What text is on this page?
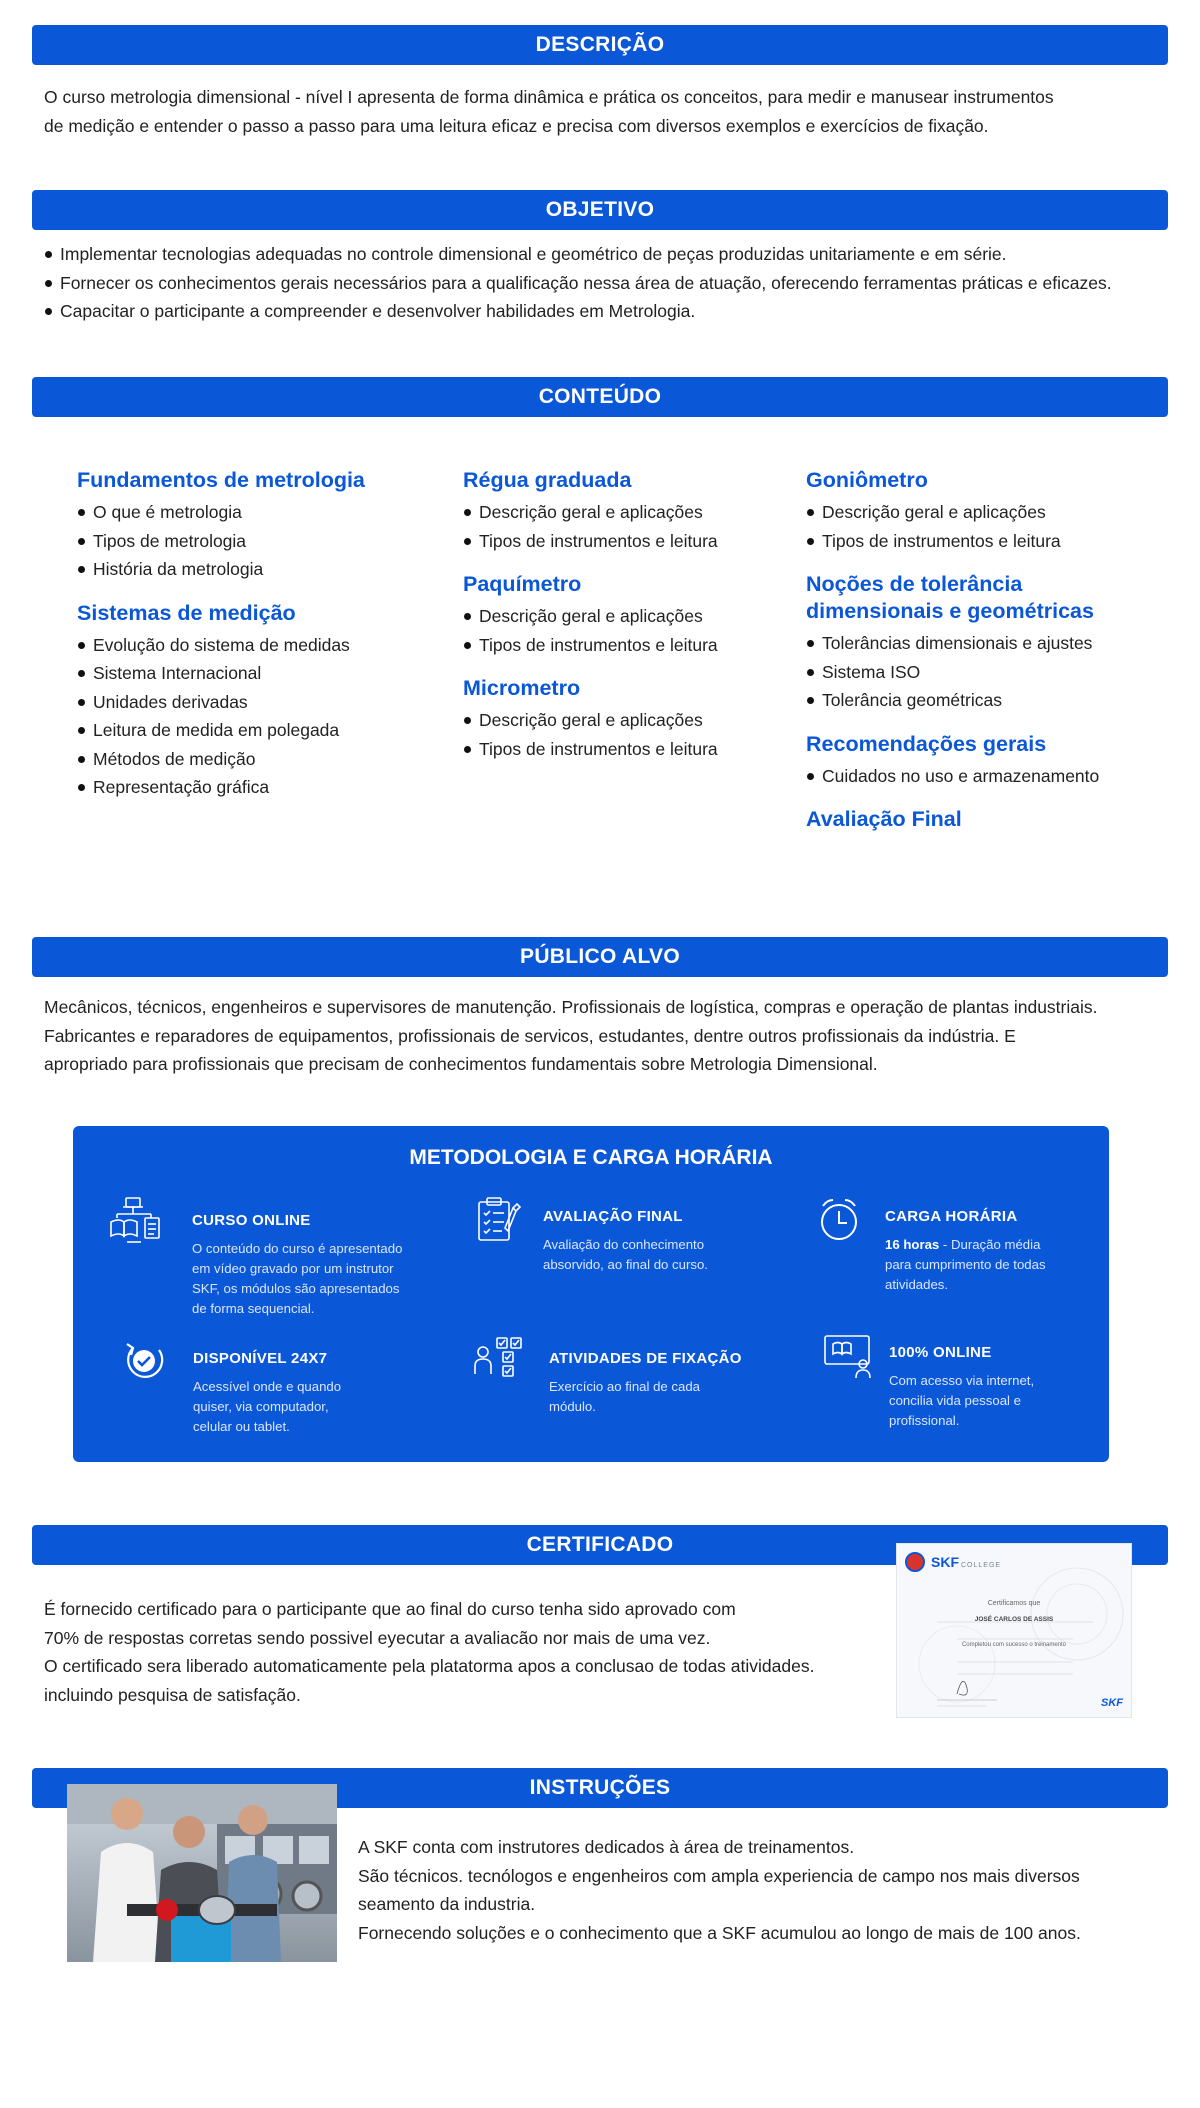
DESCRIÇÃO

O curso metrologia dimensional - nível I apresenta de forma dinâmica e prática os conceitos, para medir e manusear instrumentos

de medição e entender o passo a passo para uma leitura eficaz e precisa com diversos exemplos e exercícios de fixação.

OBJETIVO
Implementar tecnologias adequadas no controle dimensional e geométrico de peças produzidas unitariamente e em série.
Fornecer os conhecimentos gerais necessários para a qualificação nessa área de atuação, oferecendo ferramentas práticas e eficazes.
Capacitar o participante a compreender e desenvolver habilidades em Metrologia.
CONTEÚDO
Fundamentos de metrologia
O que é metrologia
Tipos de metrologia
História da metrologia
Sistemas de medição
Evolução do sistema de medidas
Sistema Internacional
Unidades derivadas
Leitura de medida em polegada
Métodos de medição
Representação gráfica
Régua graduada
Descrição geral e aplicações
Tipos de instrumentos e leitura
Paquímetro
Descrição geral e aplicações
Tipos de instrumentos e leitura
Micrometro
Descrição geral e aplicações
Tipos de instrumentos e leitura
Goniômetro
Descrição geral e aplicações
Tipos de instrumentos e leitura
Noções de tolerância
dimensionais e geométricas
Tolerâncias dimensionais e ajustes
Sistema ISO
Tolerância geométricas
Recomendações gerais
Cuidados no uso e armazenamento
Avaliação Final
PÚBLICO ALVO

Mecânicos, técnicos, engenheiros e supervisores de manutenção. Profissionais de logística, compras e operação de plantas industriais.

Fabricantes e reparadores de equipamentos, profissionais de servicos, estudantes, dentre outros profissionais da indústria. E

apropriado para profissionais que precisam de conhecimentos fundamentais sobre Metrologia Dimensional.

METODOLOGIA E CARGA HORÁRIA
CURSO ONLINE
O conteúdo do curso é apresentado
em vídeo gravado por um instrutor
SKF, os módulos são apresentados
de forma sequencial.
AVALIAÇÃO FINAL
Avaliação do conhecimento
absorvido, ao final do curso.
CARGA HORÁRIA
16 horas - Duração média
para cumprimento de todas
atividades.
DISPONÍVEL 24X7
Acessível onde e quando
quiser, via computador,
celular ou tablet.
ATIVIDADES DE FIXAÇÃO
Exercício ao final de cada
módulo.
100% ONLINE
Com acesso via internet,
concilia vida pessoal e
profissional.
CERTIFICADO

É fornecido certificado para o participante que ao final do curso tenha sido aprovado com

70% de respostas corretas sendo possivel eyecutar a avaliacão nor mais de uma vez.

O certificado sera liberado automaticamente pela platatorma apos a conclusao de todas atividades.

incluindo pesquisa de satisfação.

SKF COLLEGE
Certificamos que
JOSÉ CARLOS DE ASSIS
Completou com sucesso o treinamento
SKF
INSTRUÇÕES

A SKF conta com instrutores dedicados à área de treinamentos.

São técnicos. tecnólogos e engenheiros com ampla experiencia de campo nos mais diversos

seamento da industria.

Fornecendo soluções e o conhecimento que a SKF acumulou ao longo de mais de 100 anos.
